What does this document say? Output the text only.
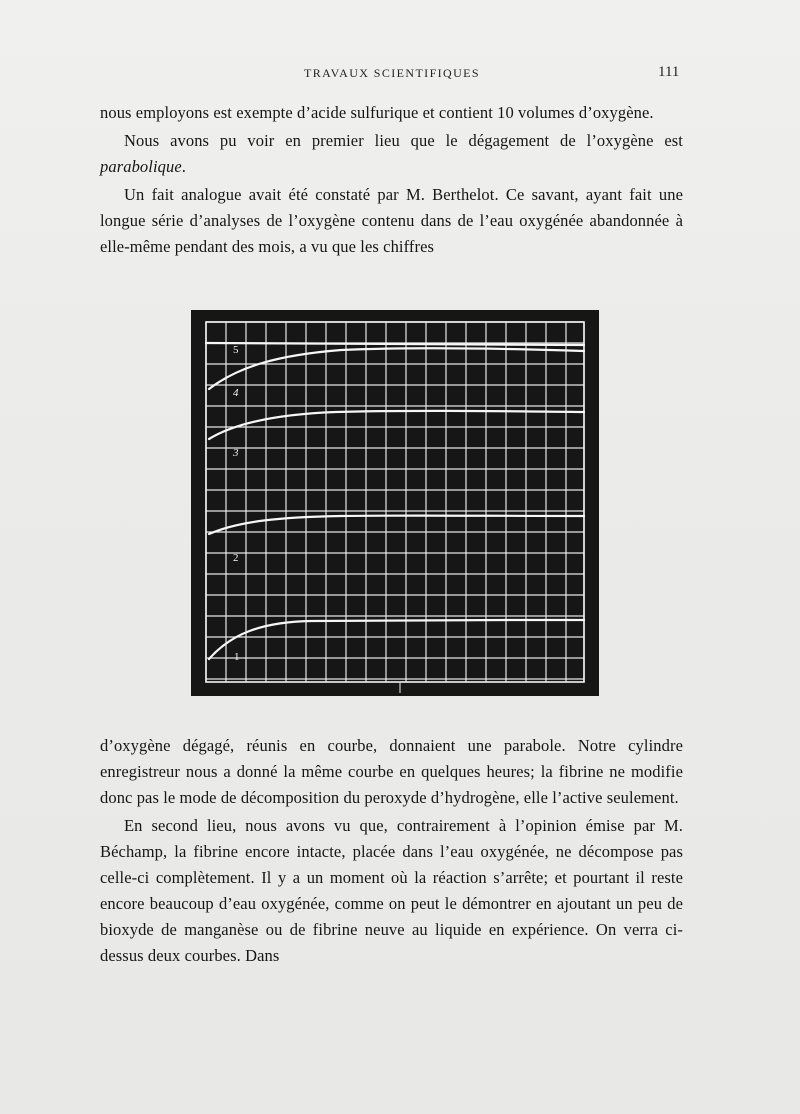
TRAVAUX SCIENTIFIQUES	111

nous employons est exempte d’acide sulfurique et contient 10 volumes d’oxygène.

Nous avons pu voir en premier lieu que le dégagement de l’oxygène est parabolique.

Un fait analogue avait été constaté par M. Berthelot. Ce savant, ayant fait une longue série d’analyses de l’oxygène contenu dans de l’eau oxygénée abandonnée à elle-même pendant des mois, a vu que les chiffres

5
4
3
2
1

d’oxygène dégagé, réunis en courbe, donnaient une parabole. Notre cylindre enregistreur nous a donné la même courbe en quelques heures; la fibrine ne modifie donc pas le mode de décomposition du peroxyde d’hydrogène, elle l’active seulement.

En second lieu, nous avons vu que, contrairement à l’opinion émise par M. Béchamp, la fibrine encore intacte, placée dans l’eau oxygénée, ne décompose pas celle-ci complètement. Il y a un moment où la réaction s’arrête; et pourtant il reste encore beaucoup d’eau oxygénée, comme on peut le démontrer en ajoutant un peu de bioxyde de manganèse ou de fibrine neuve au liquide en expérience. On verra ci-dessus deux courbes. Dans
